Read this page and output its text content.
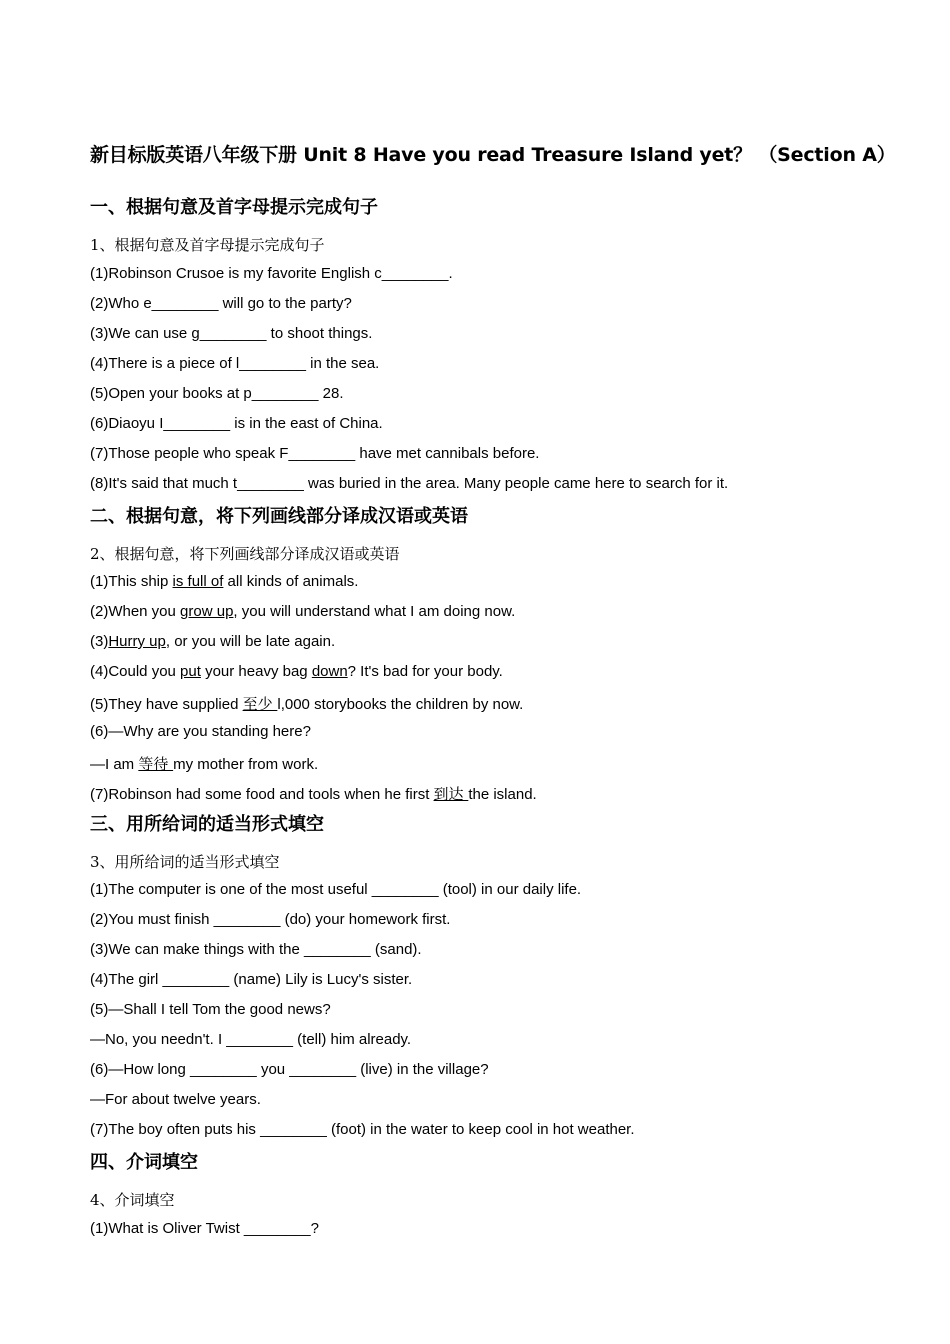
新目标版英语八年级下册 Unit 8 Have you read Treasure Island yet？ （Section A）
一、根据句意及首字母提示完成句子
1、根据句意及首字母提示完成句子
(1)Robinson Crusoe is my favorite English c________.
(2)Who e________ will go to the party?
(3)We can use g________ to shoot things.
(4)There is a piece of l________ in the sea.
(5)Open your books at p________ 28.
(6)Diaoyu I________ is in the east of China.
(7)Those people who speak F________ have met cannibals before.
(8)It's said that much t________ was buried in the area. Many people came here to search for it.
二、根据句意，将下列画线部分译成汉语或英语
2、根据句意，将下列画线部分译成汉语或英语
(1)This ship is full of all kinds of animals.
(2)When you grow up, you will understand what I am doing now.
(3)Hurry up, or you will be late again.
(4)Could you put your heavy bag down? It's bad for your body.
(5)They have supplied 至少 l,000 storybooks the children by now.
(6)—Why are you standing here?
—I am 等待 my mother from work.
(7)Robinson had some food and tools when he first 到达 the island.
三、用所给词的适当形式填空
3、用所给词的适当形式填空
(1)The computer is one of the most useful ________ (tool) in our daily life.
(2)You must finish ________ (do) your homework first.
(3)We can make things with the ________ (sand).
(4)The girl ________ (name) Lily is Lucy's sister.
(5)—Shall I tell Tom the good news?
—No, you needn't. I ________ (tell) him already.
(6)—How long ________ you ________ (live) in the village?
—For about twelve years.
(7)The boy often puts his ________ (foot) in the water to keep cool in hot weather.
四、介词填空
4、介词填空
(1)What is Oliver Twist ________?
